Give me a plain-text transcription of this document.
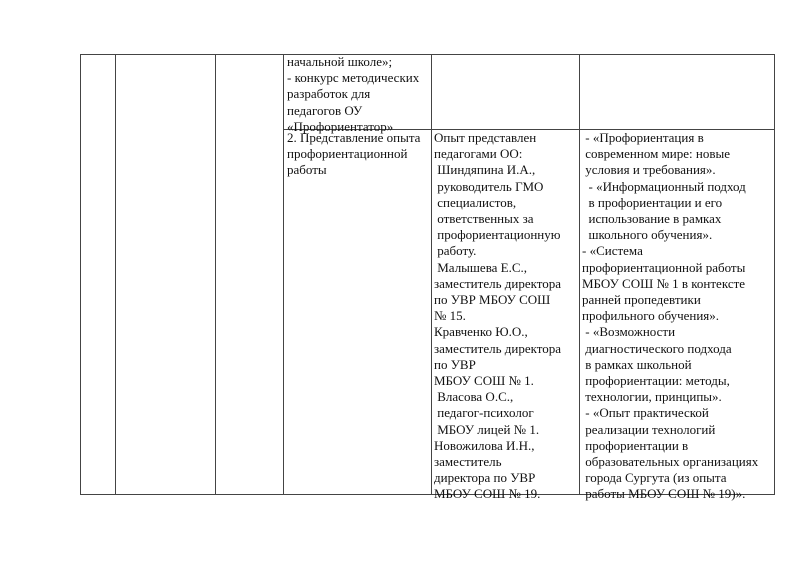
начальной школе»;
- конкурс методических
разработок для
педагогов ОУ
«Профориентатор»
2. Представление опыта
профориентационной
работы
Опыт представлен
педагогами ОО:
Шиндяпина И.А.,
руководитель ГМО
специалистов,
ответственных за
профориентационную
работу.
Малышева Е.С.,
заместитель директора
по УВР МБОУ СОШ
№ 15.
Кравченко Ю.О.,
заместитель директора
по УВР
МБОУ СОШ № 1.
Власова О.С.,
педагог-психолог
МБОУ лицей № 1.
Новожилова И.Н.,
заместитель
директора по УВР
МБОУ СОШ № 19.
- «Профориентация в
современном мире: новые
условия и требования».
- «Информационный подход
в профориентации и его
использование в рамках
школьного обучения».
- «Система
профориентационной работы
МБОУ СОШ № 1 в контексте
ранней пропедевтики
профильного обучения».
- «Возможности
диагностического подхода
в рамках школьной
профориентации: методы,
технологии, принципы».
- «Опыт практической
реализации технологий
профориентации в
образовательных организациях
города Сургута (из опыта
работы МБОУ СОШ № 19)».
